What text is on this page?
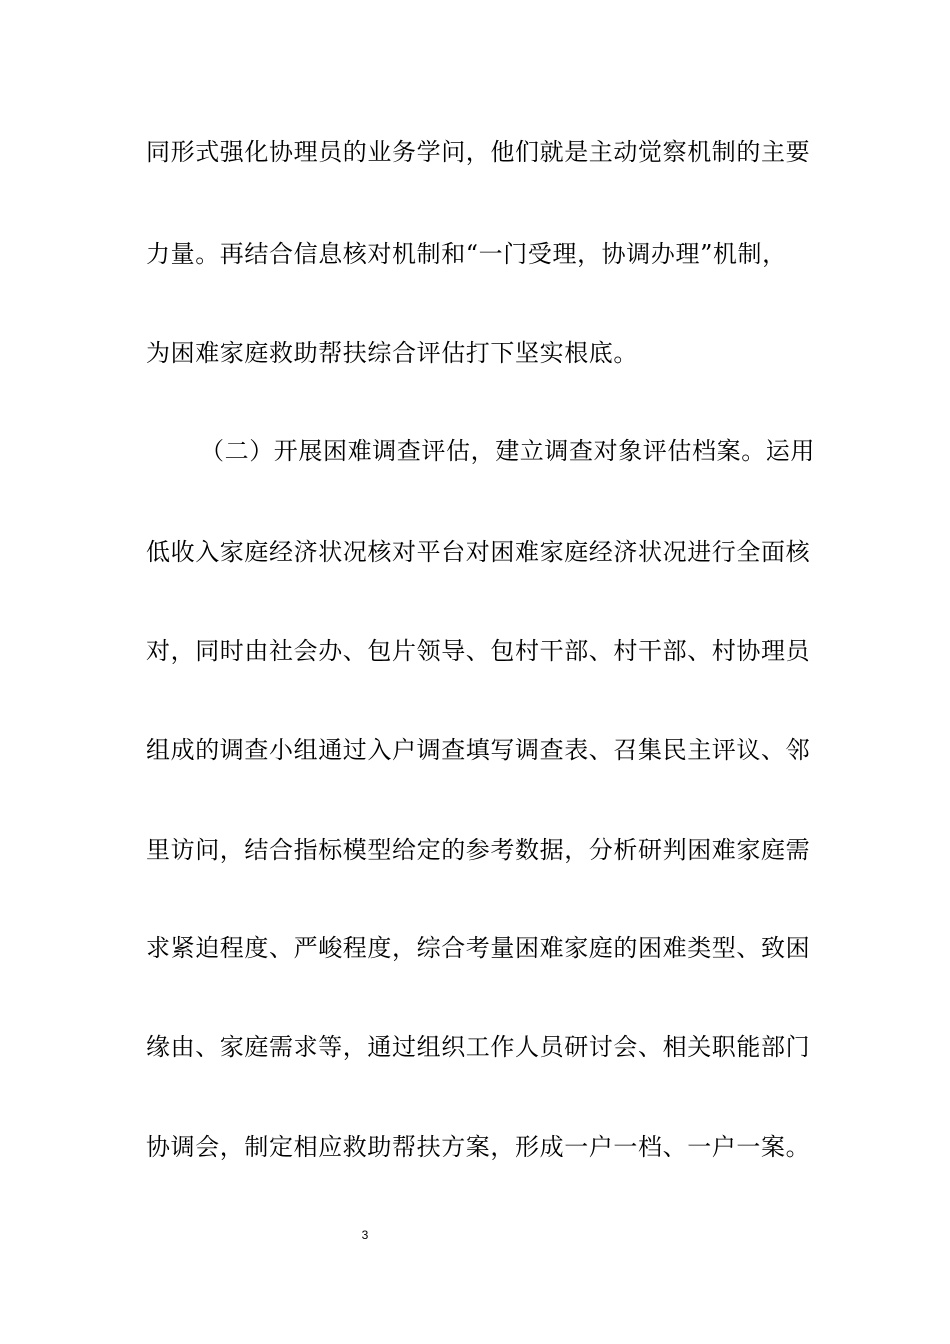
同形式强化协理员的业务学问，他们就是主动觉察机制的主要
力量。再结合信息核对机制和“一门受理，协调办理”机制，
为困难家庭救助帮扶综合评估打下坚实根底。
（二）开展困难调查评估，建立调查对象评估档案。运用
低收入家庭经济状况核对平台对困难家庭经济状况进行全面核
对，同时由社会办、包片领导、包村干部、村干部、村协理员
组成的调查小组通过入户调查填写调查表、召集民主评议、邻
里访问，结合指标模型给定的参考数据，分析研判困难家庭需
求紧迫程度、严峻程度，综合考量困难家庭的困难类型、致困
缘由、家庭需求等，通过组织工作人员研讨会、相关职能部门
协调会，制定相应救助帮扶方案，形成一户一档、一户一案。
3
